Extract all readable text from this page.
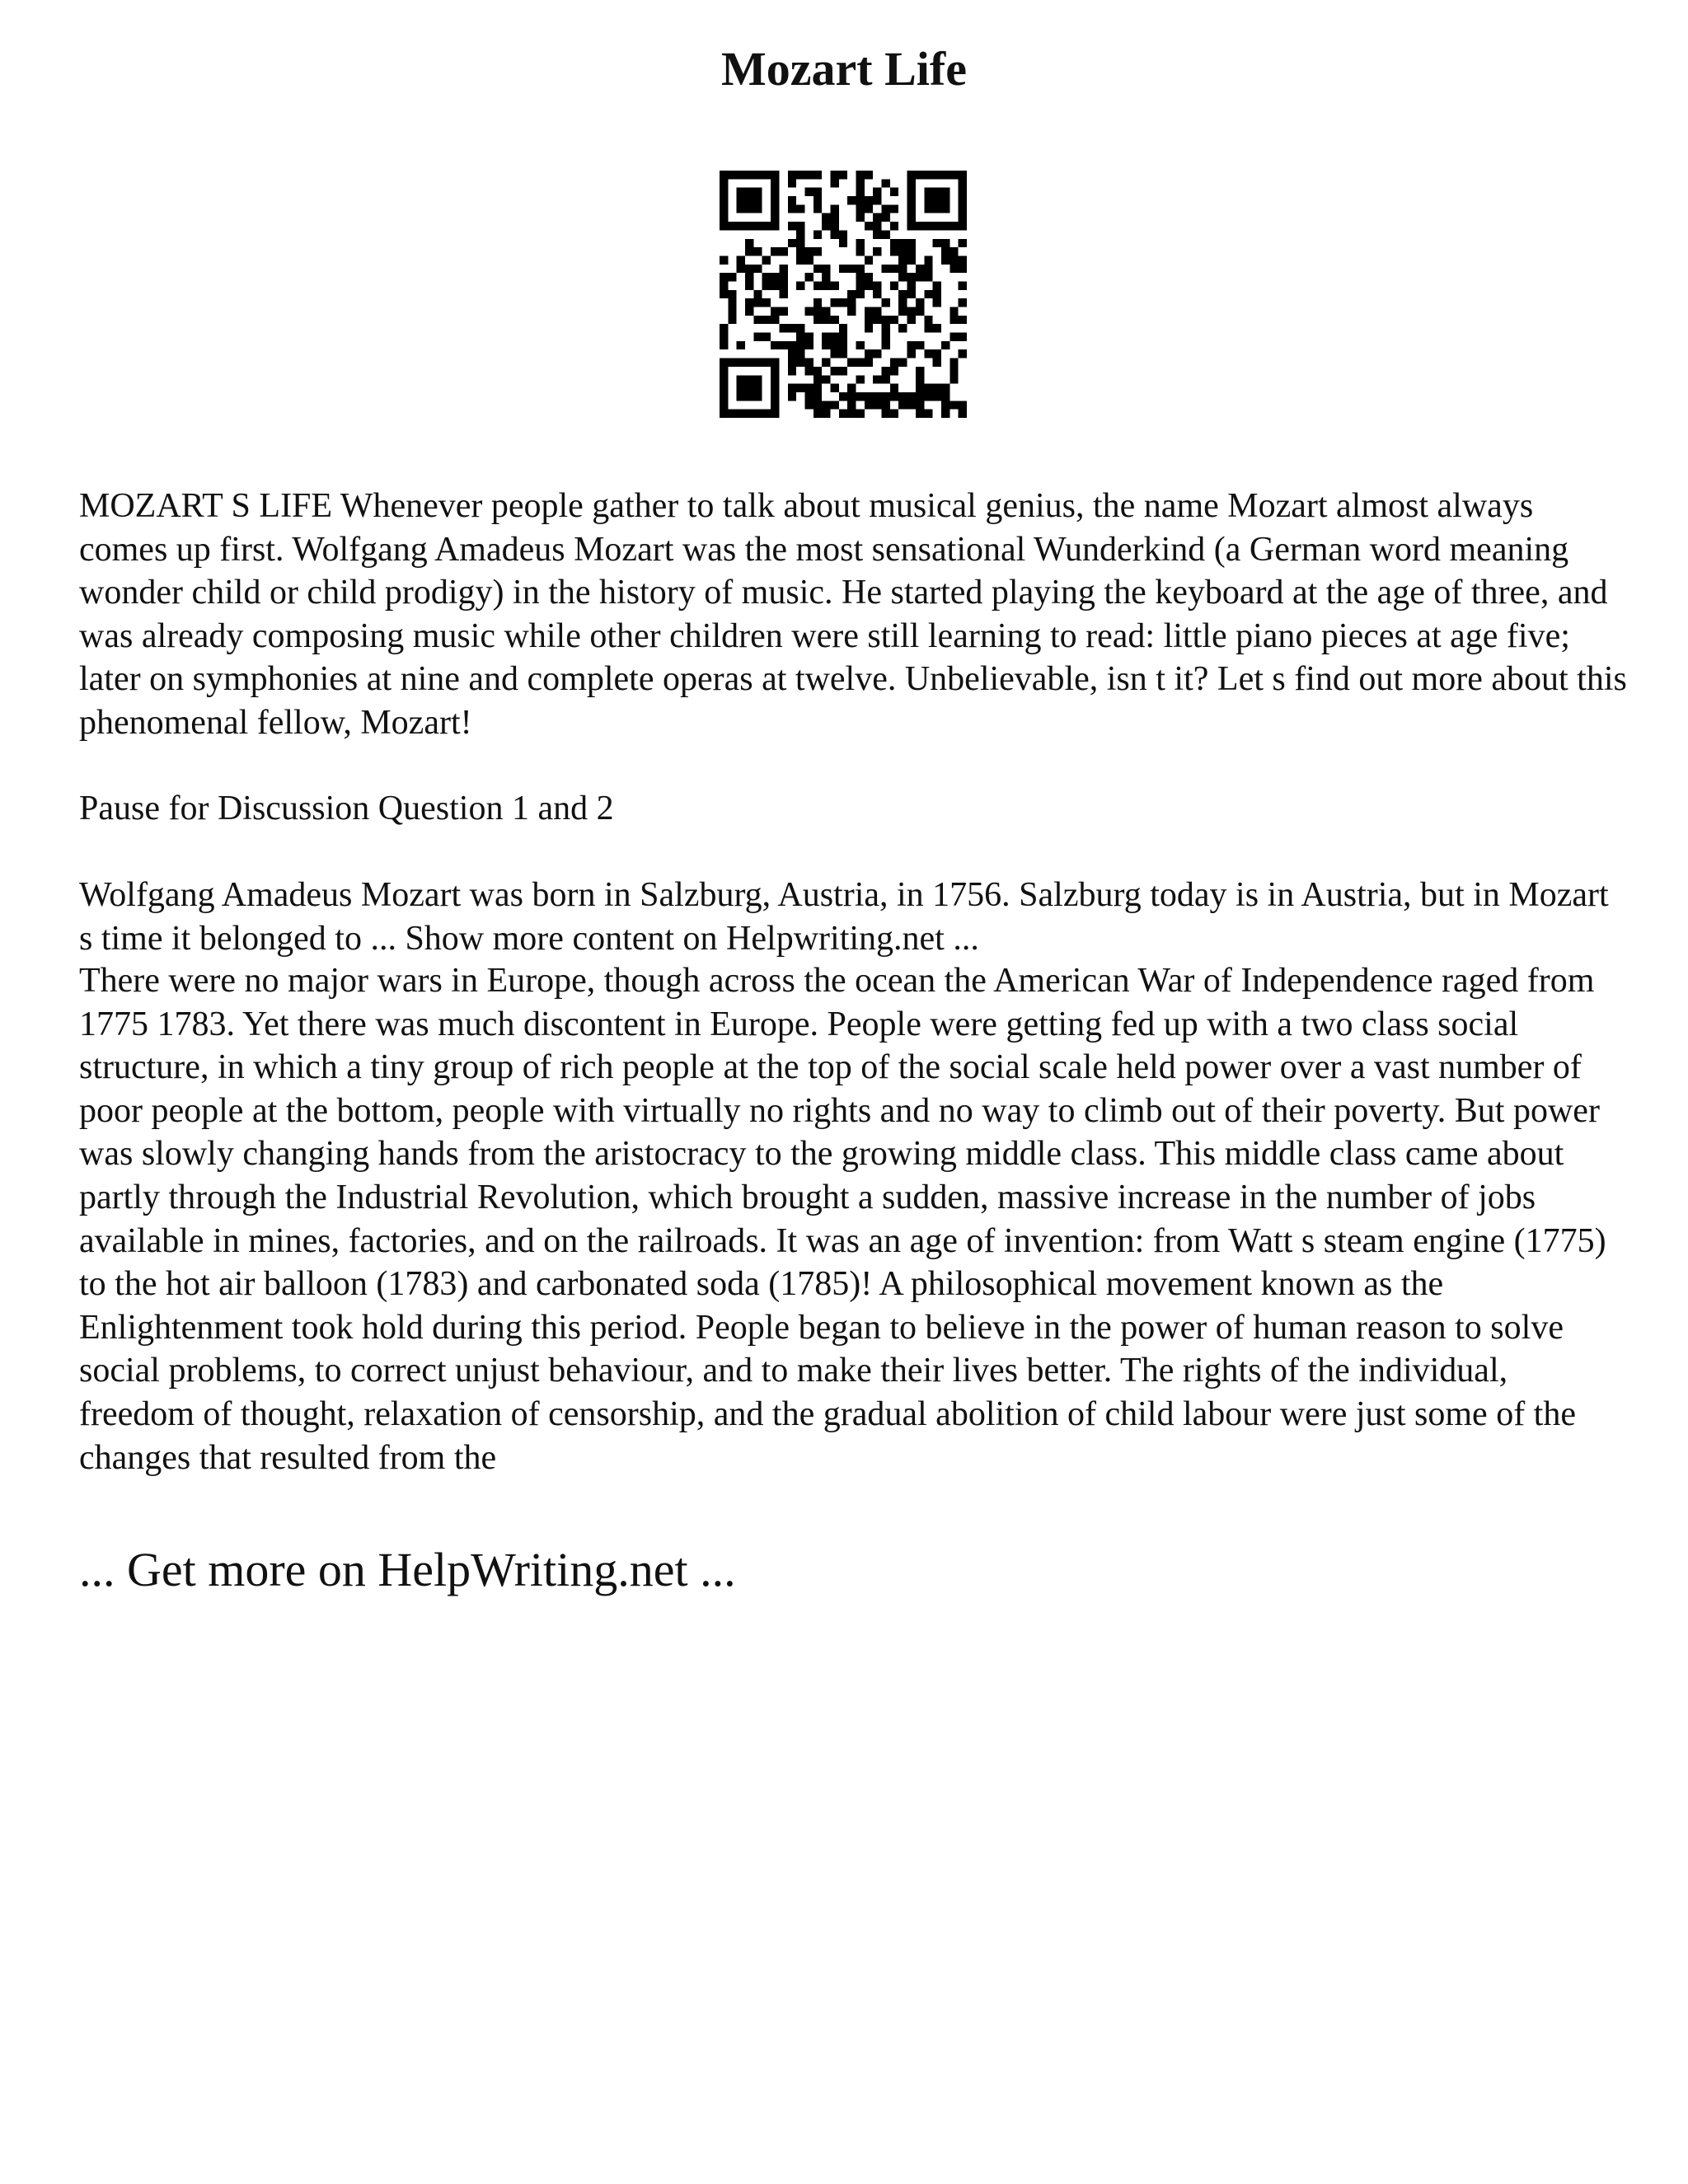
Mozart Life

MOZART S LIFE Whenever people gather to talk about musical genius, the name Mozart almost always comes up first. Wolfgang Amadeus Mozart was the most sensational Wunderkind (a German word meaning wonder child or child prodigy) in the history of music. He started playing the keyboard at the age of three, and was already composing music while other children were still learning to read: little piano pieces at age five; later on symphonies at nine and complete operas at twelve. Unbelievable, isn t it? Let s find out more about this phenomenal fellow, Mozart!

Pause for Discussion Question 1 and 2

Wolfgang Amadeus Mozart was born in Salzburg, Austria, in 1756. Salzburg today is in Austria, but in Mozart s time it belonged to ... Show more content on Helpwriting.net ...

There were no major wars in Europe, though across the ocean the American War of Independence raged from 1775 1783. Yet there was much discontent in Europe. People were getting fed up with a two class social structure, in which a tiny group of rich people at the top of the social scale held power over a vast number of poor people at the bottom, people with virtually no rights and no way to climb out of their poverty. But power was slowly changing hands from the aristocracy to the growing middle class. This middle class came about partly through the Industrial Revolution, which brought a sudden, massive increase in the number of jobs available in mines, factories, and on the railroads. It was an age of invention: from Watt s steam engine (1775) to the hot air balloon (1783) and carbonated soda (1785)! A philosophical movement known as the Enlightenment took hold during this period. People began to believe in the power of human reason to solve social problems, to correct unjust behaviour, and to make their lives better. The rights of the individual, freedom of thought, relaxation of censorship, and the gradual abolition of child labour were just some of the changes that resulted from the

... Get more on HelpWriting.net ...
